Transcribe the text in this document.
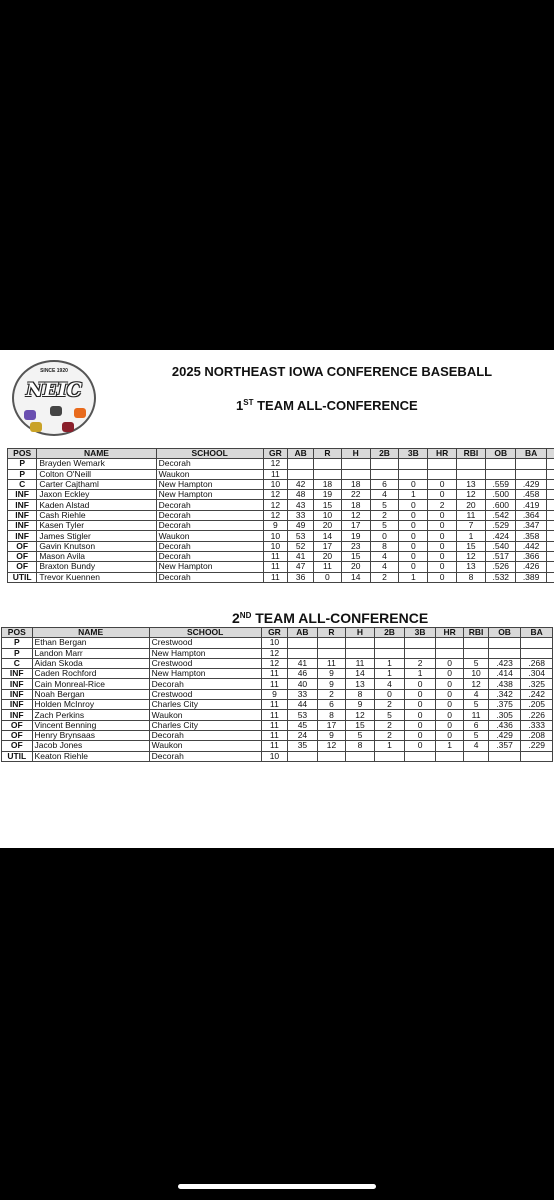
SINCE 1920
NEIC
2025 NORTHEAST IOWA CONFERENCE BASEBALL
1ST TEAM ALL-CONFERENCE
POS	NAME	SCHOOL	GR	AB	R	H	2B	3B	HR	RBI	OB	BA	
P	Brayden Wemark	Decorah	12										
P	Colton O'Neill	Waukon	11										
C	Carter Cajthaml	New Hampton	10	42	18	18	6	0	0	13	.559	.429	
INF	Jaxon Eckley	New Hampton	12	48	19	22	4	1	0	12	.500	.458	
INF	Kaden Alstad	Decorah	12	43	15	18	5	0	2	20	.600	.419	
INF	Cash Riehle	Decorah	12	33	10	12	2	0	0	11	.542	.364	
INF	Kasen Tyler	Decorah	9	49	20	17	5	0	0	7	.529	.347	
INF	James Stigler	Waukon	10	53	14	19	0	0	0	1	.424	.358	
OF	Gavin Knutson	Decorah	10	52	17	23	8	0	0	15	.540	.442	
OF	Mason Avila	Decorah	11	41	20	15	4	0	0	12	.517	.366	
OF	Braxton Bundy	New Hampton	11	47	11	20	4	0	0	13	.526	.426	
UTIL	Trevor Kuennen	Decorah	11	36	0	14	2	1	0	8	.532	.389	
2ND TEAM ALL-CONFERENCE
POS	NAME	SCHOOL	GR	AB	R	H	2B	3B	HR	RBI	OB	BA
P	Ethan Bergan	Crestwood	10									
P	Landon Marr	New Hampton	12									
C	Aidan Skoda	Crestwood	12	41	11	11	1	2	0	5	.423	.268
INF	Caden Rochford	New Hampton	11	46	9	14	1	1	0	10	.414	.304
INF	Cain Monreal-Rice	Decorah	11	40	9	13	4	0	0	12	.438	.325
INF	Noah Bergan	Crestwood	9	33	2	8	0	0	0	4	.342	.242
INF	Holden McInroy	Charles City	11	44	6	9	2	0	0	5	.375	.205
INF	Zach Perkins	Waukon	11	53	8	12	5	0	0	11	.305	.226
OF	Vincent Benning	Charles City	11	45	17	15	2	0	0	6	.436	.333
OF	Henry Brynsaas	Decorah	11	24	9	5	2	0	0	5	.429	.208
OF	Jacob Jones	Waukon	11	35	12	8	1	0	1	4	.357	.229
UTIL	Keaton Riehle	Decorah	10									
